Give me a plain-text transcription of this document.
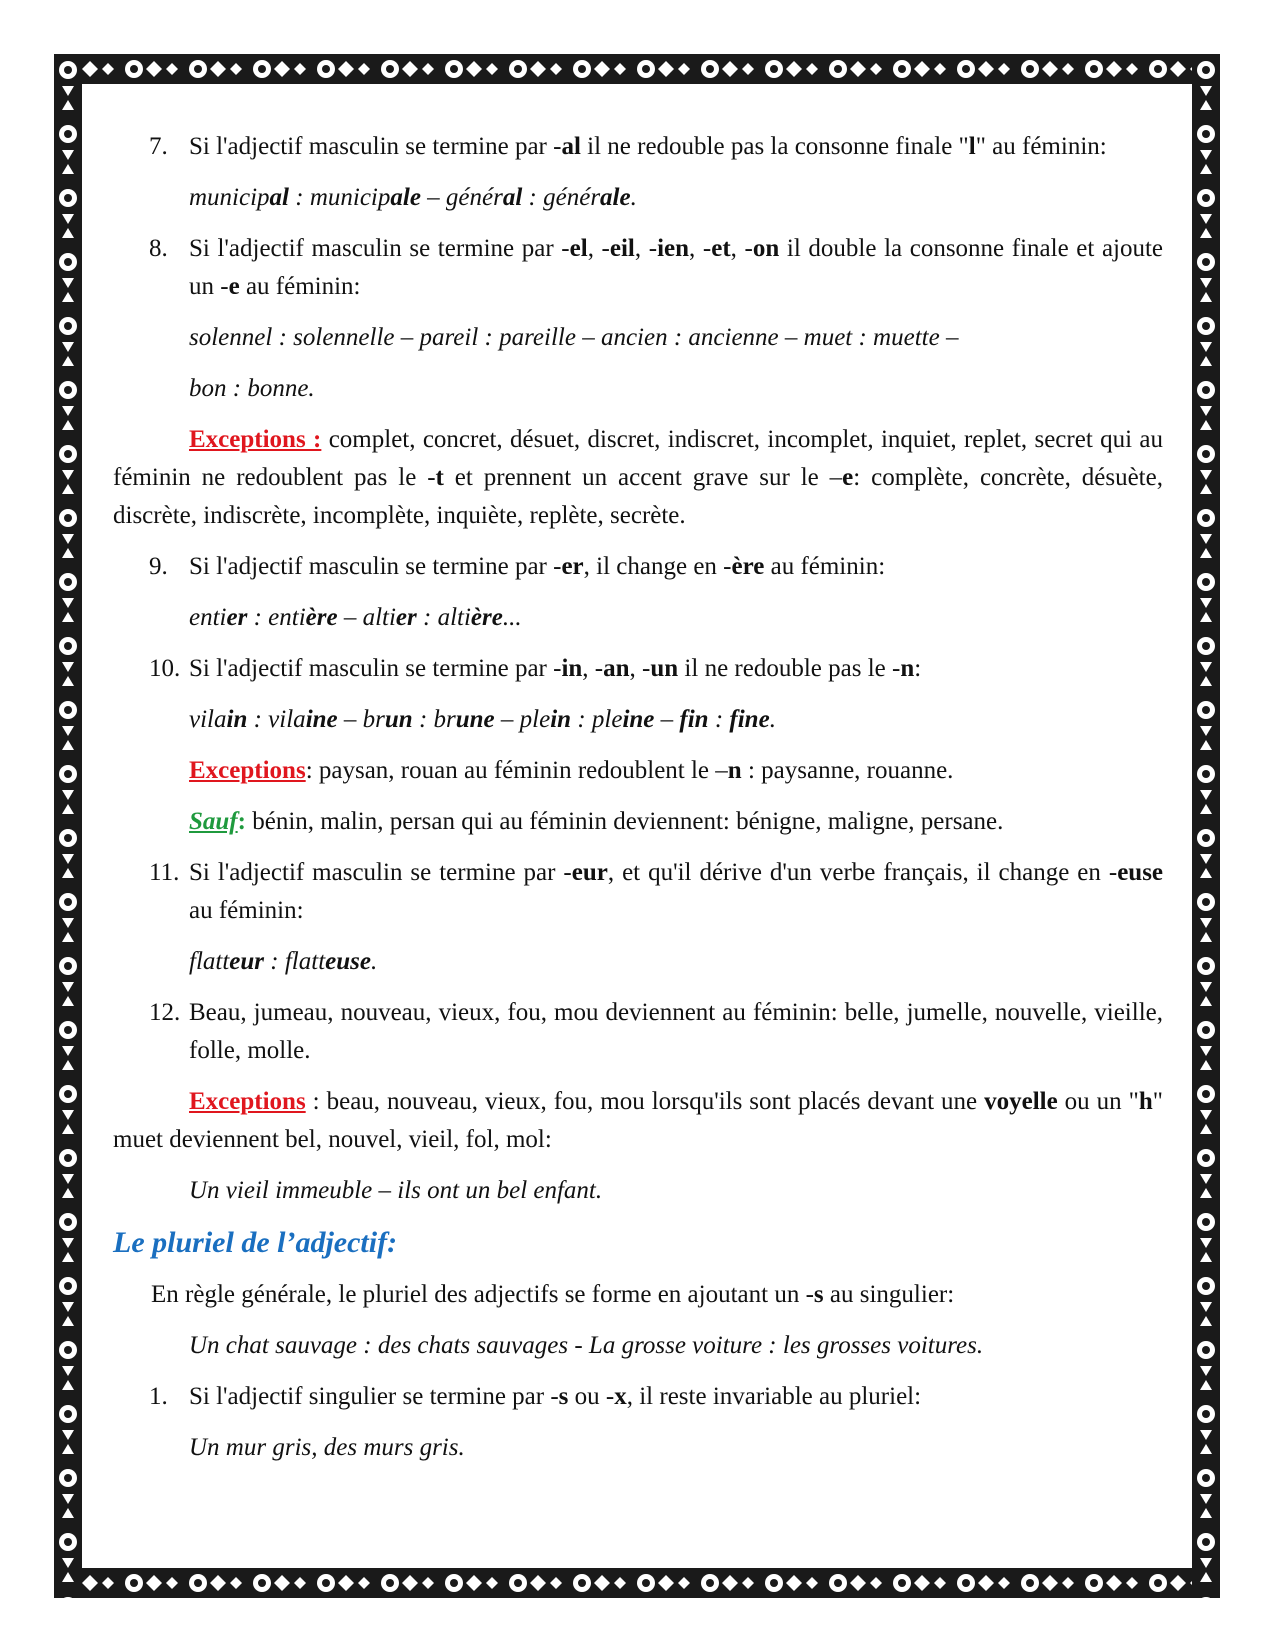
7. Si l'adjectif masculin se termine par -al il ne redouble pas la consonne finale "l" au féminin:
municipal : municipale – général : générale.
8. Si l'adjectif masculin se termine par -el, -eil, -ien, -et, -on il double la consonne finale et ajoute un -e au féminin:
solennel : solennelle – pareil : pareille – ancien : ancienne – muet : muette –
bon : bonne.
Exceptions : complet, concret, désuet, discret, indiscret, incomplet, inquiet, replet, secret qui au féminin ne redoublent pas le -t et prennent un accent grave sur le –e: complète, concrète, désuète, discrète, indiscrète, incomplète, inquiète, replète, secrète.
9. Si l'adjectif masculin se termine par -er, il change en -ère au féminin:
entier : entière – altier : altière...
10. Si l'adjectif masculin se termine par -in, -an, -un il ne redouble pas le -n:
vilain : vilaine – brun : brune – plein : pleine – fin : fine.
Exceptions: paysan, rouan au féminin redoublent le –n : paysanne, rouanne.
Sauf: bénin, malin, persan qui au féminin deviennent: bénigne, maligne, persane.
11. Si l'adjectif masculin se termine par -eur, et qu'il dérive d'un verbe français, il change en -euse au féminin:
flatteur : flatteuse.
12. Beau, jumeau, nouveau, vieux, fou, mou deviennent au féminin: belle, jumelle, nouvelle, vieille, folle, molle.
Exceptions : beau, nouveau, vieux, fou, mou lorsqu'ils sont placés devant une voyelle ou un "h" muet deviennent bel, nouvel, vieil, fol, mol:
Un vieil immeuble – ils ont un bel enfant.
Le pluriel de l’adjectif:
En règle générale, le pluriel des adjectifs se forme en ajoutant un -s au singulier:
Un chat sauvage : des chats sauvages - La grosse voiture : les grosses voitures.
1. Si l'adjectif singulier se termine par -s ou -x, il reste invariable au pluriel:
Un mur gris, des murs gris.
